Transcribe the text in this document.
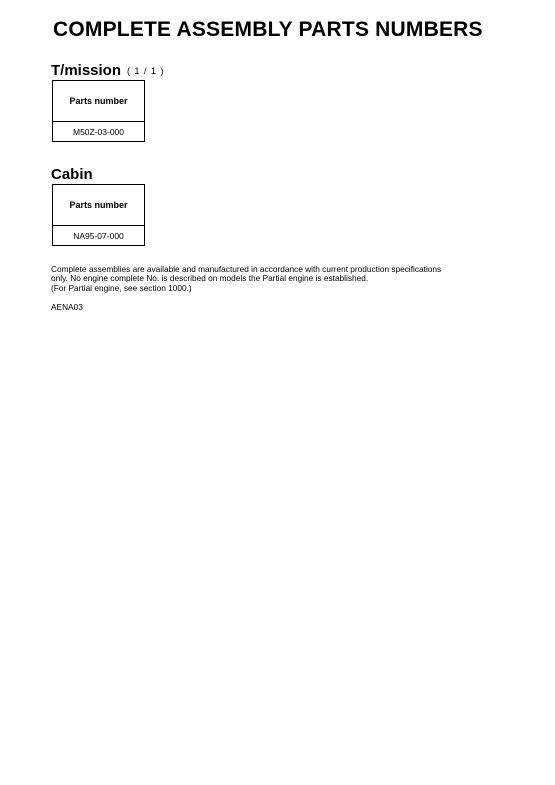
COMPLETE ASSEMBLY PARTS NUMBERS
T/mission ( 1 / 1 )
Parts number
M50Z-03-000
Cabin
Parts number
NA95-07-000
Complete assemblies are available and manufactured in accordance with current production specifications
only. No engine complete No. is described on models the Partial engine is established.
(For Partial engine, see section 1000.)
AENA03
